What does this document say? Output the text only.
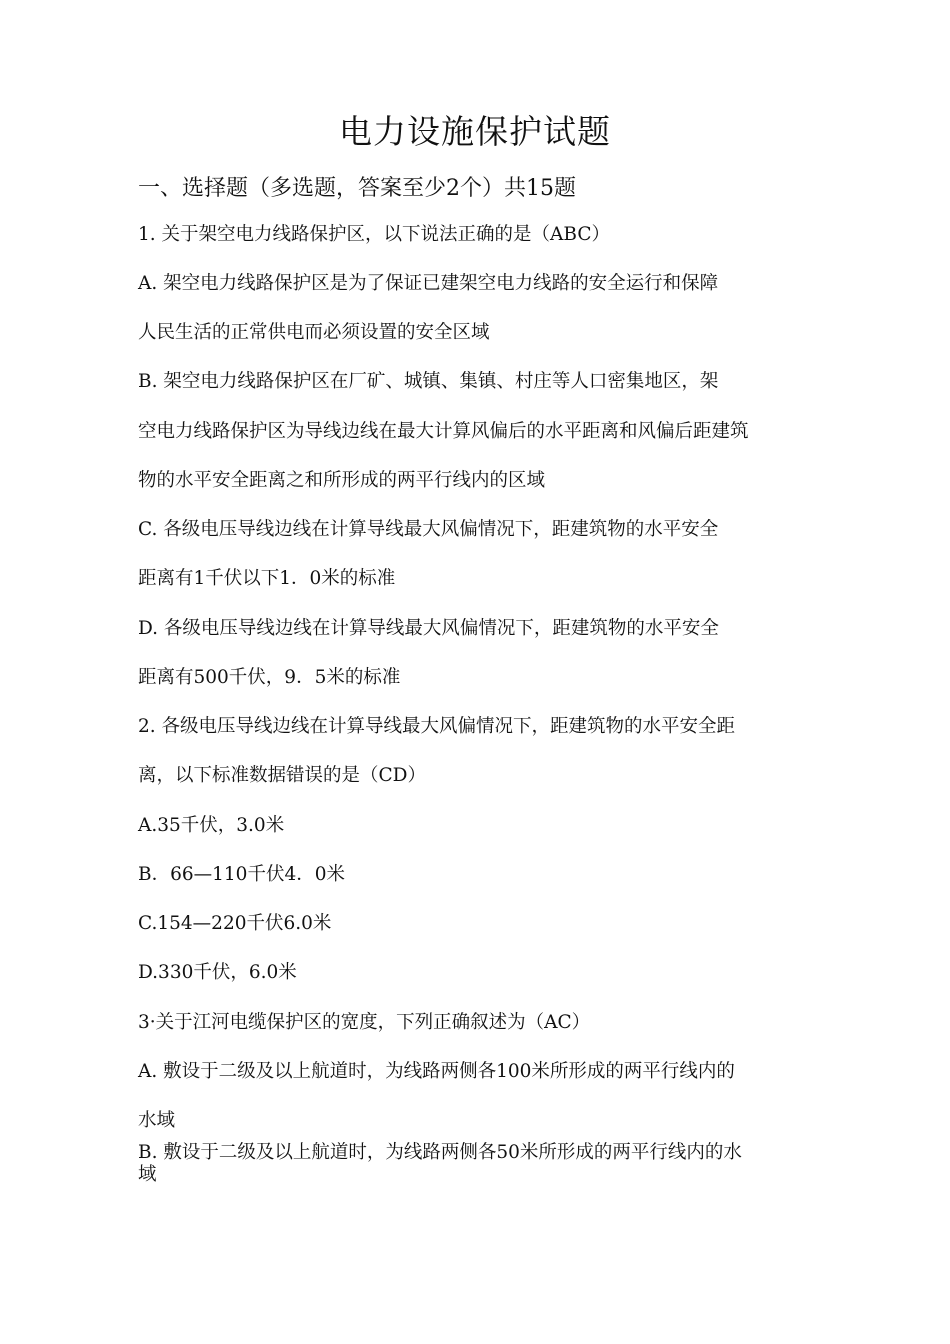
电力设施保护试题
一、选择题（多选题，答案至少2个）共15题
1. 关于架空电力线路保护区，以下说法正确的是（ABC）
A. 架空电力线路保护区是为了保证已建架空电力线路的安全运行和保障
人民生活的正常供电而必须设置的安全区域
B. 架空电力线路保护区在厂矿、城镇、集镇、村庄等人口密集地区，架
空电力线路保护区为导线边线在最大计算风偏后的水平距离和风偏后距建筑
物的水平安全距离之和所形成的两平行线内的区域
C. 各级电压导线边线在计算导线最大风偏情况下，距建筑物的水平安全
距离有1千伏以下1．0米的标准
D. 各级电压导线边线在计算导线最大风偏情况下，距建筑物的水平安全
距离有500千伏，9．5米的标准
2. 各级电压导线边线在计算导线最大风偏情况下，距建筑物的水平安全距
离，以下标准数据错误的是（CD）
A.35千伏，3.0米
B．66—110千伏4．0米
C.154—220千伏6.0米
D.330千伏，6.0米
3·关于江河电缆保护区的宽度，下列正确叙述为（AC）
A. 敷设于二级及以上航道时，为线路两侧各100米所形成的两平行线内的
水域
B. 敷设于二级及以上航道时，为线路两侧各50米所形成的两平行线内的水
域
